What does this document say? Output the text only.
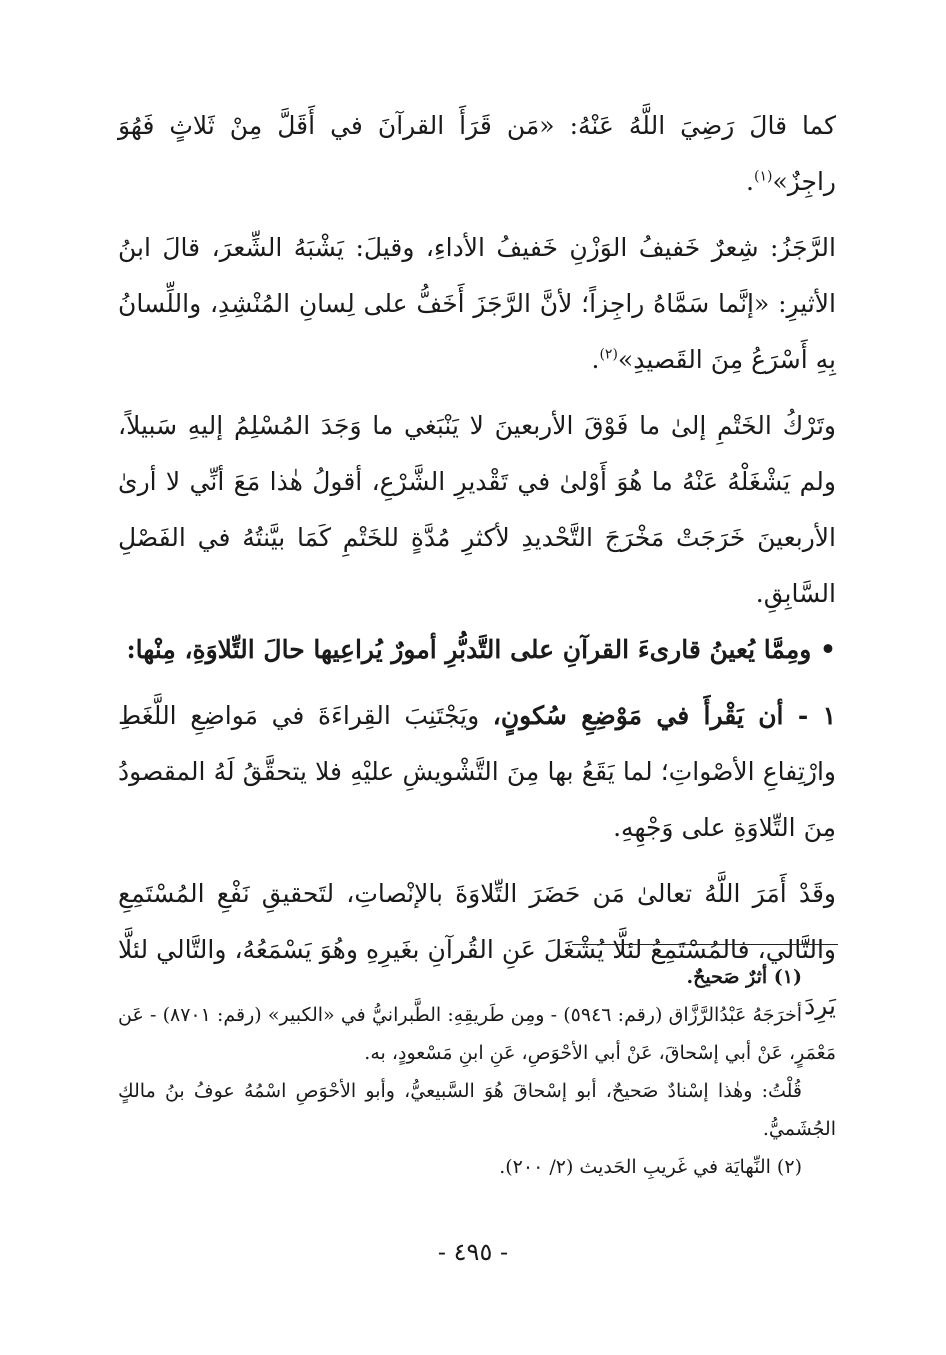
كما قالَ رَضِيَ اللَّهُ عَنْهُ: «مَن قَرَأَ القرآنَ في أَقَلَّ مِنْ ثَلاثٍ فَهُوَ راجِزٌ»$^{(١)}$.

الرَّجَزُ: شِعرٌ خَفيفُ الوَزْنِ خَفيفُ الأداءِ، وقيلَ: يَشْبَهُ الشِّعرَ، قالَ ابنُ الأثيرِ: «إنَّما سَمَّاهُ راجِزاً؛ لأنَّ الرَّجَزَ أَخَفُّ على لِسانِ المُنْشِدِ، واللِّسانُ بِهِ أَسْرَعُ مِنَ القَصيدِ»$^{(٢)}$.

وتَرْكُ الخَتْمِ إلىٰ ما فَوْقَ الأربعينَ لا يَنْبَغي ما وَجَدَ المُسْلِمُ إليهِ سَبيلاً، ولم يَشْغَلْهُ عَنْهُ ما هُوَ أَوْلىٰ في تَقْديرِ الشَّرْعِ، أقولُ هٰذا مَعَ أنِّي لا أرىٰ الأربعينَ خَرَجَتْ مَخْرَجَ التَّحْديدِ لأكثرِ مُدَّةٍ للخَتْمِ كَمَا بيَّنتُهُ في الفَصْلِ السَّابِقِ.

• ومِمَّا يُعينُ قارىءَ القرآنِ على التَّدبُّرِ أمورٌ يُراعِيها حالَ التِّلاوَةِ، مِنْها:

١ - أن يَقْرأَ في مَوْضِعِ سُكونٍ، ويَجْتَنِبَ القِراءَةَ في مَواضِعِ اللَّغَطِ وارْتِفاعِ الأصْواتِ؛ لما يَقَعُ بها مِنَ التَّشْويشِ عليْهِ فلا يتحقَّقُ لَهُ المقصودُ مِنَ التِّلاوَةِ على وَجْهِهِ.

وقَدْ أَمَرَ اللَّهُ تعالىٰ مَن حَضَرَ التِّلاوَةَ بالإنْصاتِ، لتَحقيقِ نَفْعِ المُسْتَمِعِ والتَّالي، فالمُسْتَمِعُ لئلَّا يُشْغَلَ عَنِ القُرآنِ بغَيرِهِ وهُوَ يَسْمَعُهُ، والتَّالي لئلَّا يَرِدَ

(١) أثرٌ صَحيحٌ.

أخرَجَهُ عَبْدُالرَّزَّاق (رقم: ٥٩٤٦) - ومِن طَريقِهِ: الطَّبرانيُّ في «الكبير» (رقم: ٨٧٠١) - عَن مَعْمَرٍ، عَنْ أبي إسْحاقَ، عَنْ أبي الأحْوَصِ، عَنِ ابنِ مَسْعودٍ، به.

قُلْتُ: وهٰذا إسْنادٌ صَحيحٌ، أبو إسْحاقَ هُوَ السَّبيعيُّ، وأبو الأحْوَصِ اسْمُهُ عوفُ بنُ مالكٍ الجُشَميُّ.

(٢) النِّهايَة في غَريبِ الحَديث (٢/ ٢٠٠).

- ٤٩٥ -
